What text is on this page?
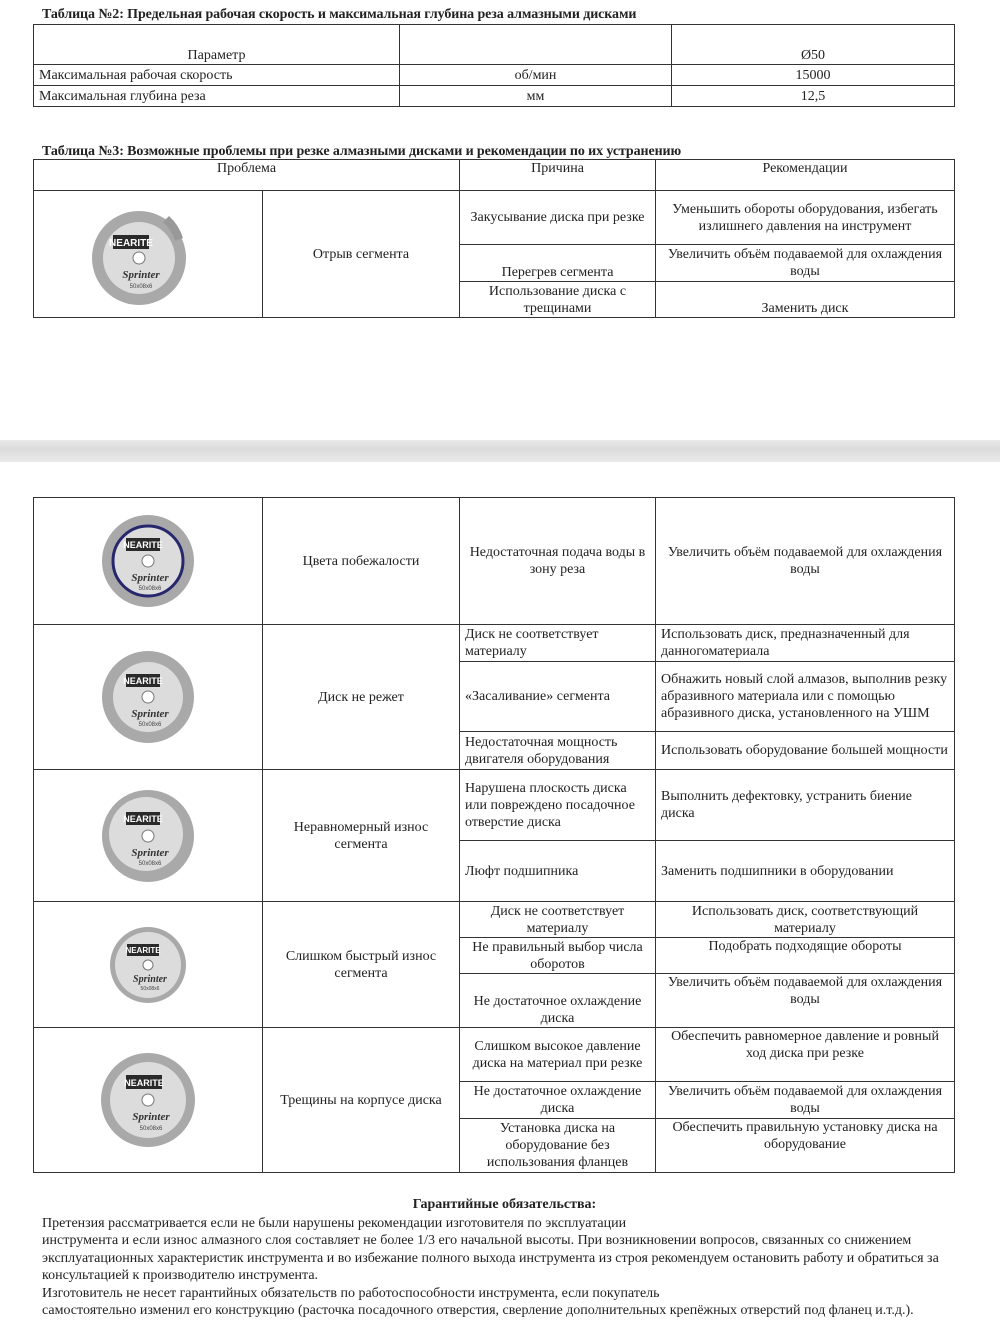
Таблица №2: Предельная рабочая скорость и максимальная глубина реза алмазными дисками
Параметр		Ø50
Максимальная рабочая скорость	об/мин	15000
Максимальная глубина реза	мм	12,5
Таблица №3: Возможные проблемы при резке алмазными дисками и рекомендации по их устранению
Проблема		Причина	Рекомендации

NEARITE
Sprinter
50x08x6	Отрыв сегмента	Закусывание диска при резке	Уменьшить обороты оборудования, избегать излишнего давления на инструмент
		Перегрев сегмента	Увеличить объём подаваемой для охлаждения воды
		Использование диска с трещинами	Заменить диск
NEARITE
Sprinter
50x08x6	Цвета побежалости	Недостаточная подача воды в зону реза	Увеличить объём подаваемой для охлаждения воды

NEARITE
Sprinter
50x08x6	Диск не режет	Диск не соответствует материалу	Использовать диск, предназначенный для данногоматериала
		«Засаливание» сегмента	Обнажить новый слой алмазов, выполнив резку абразивного материала или с помощью абразивного диска, установленного на УШМ
		Недостаточная мощность двигателя оборудования	Использовать оборудование большей мощности

NEARITE
Sprinter
50x08x6	Неравномерный износ сегмента	Нарушена плоскость диска или повреждено посадочное отверстие диска	Выполнить дефектовку, устранить биение диска
		Люфт подшипника	Заменить подшипники в оборудовании

NEARITE
Sprinter
50x08x6	Слишком быстрый износ сегмента	Диск не соответствует материалу	Использовать диск, соответствующий материалу
		Не правильный выбор числа оборотов	Подобрать подходящие обороты
		Не достаточное охлаждение диска	Увеличить объём подаваемой для охлаждения воды

NEARITE
Sprinter
50x08x6	Трещины на корпусе диска	Слишком высокое давление диска на материал при резке	Обеспечить равномерное давление и ровный ход диска при резке
		Не достаточное охлаждение диска	Увеличить объём подаваемой для охлаждения воды
		Установка диска на оборудование без использования фланцев	Обеспечить правильную установку диска на оборудование
Гарантийные обязательства:

Претензия рассматривается если не были нарушены рекомендации изготовителя по эксплуатации

инструмента и если износ алмазного слоя составляет не более 1/3 его начальной высоты. При возникновении вопросов, связанных со снижением эксплуатационных характеристик инструмента и во избежание полного выхода инструмента из строя рекомендуем остановить работу и обратиться за консультацией к производителю инструмента.

Изготовитель не несет гарантийных обязательств по работоспособности инструмента, если покупатель

самостоятельно изменил его конструкцию (расточка посадочного отверстия, сверление дополнительных крепёжных отверстий под фланец и.т.д.).
